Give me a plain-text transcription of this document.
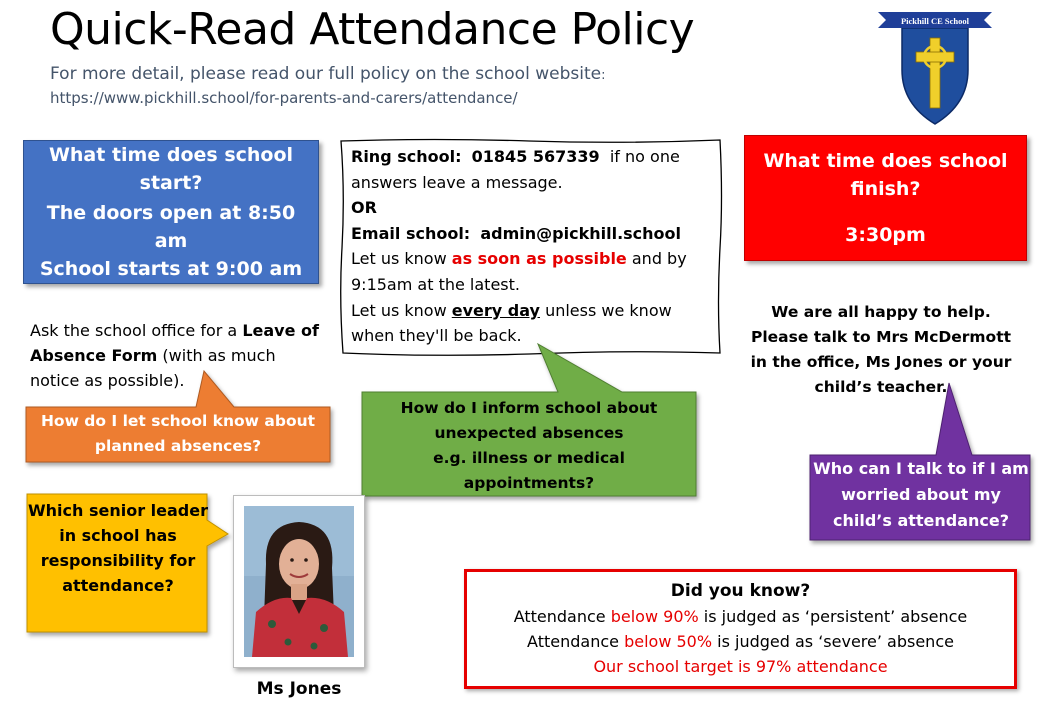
Quick-Read Attendance Policy
For more detail, please read our full policy on the school website:
https://www.pickhill.school/for-parents-and-carers/attendance/
Pickhill CE School
What time does school start?
The doors open at 8:50 am
School starts at 9:00 am
Ring school: 01845 567339 if no one
answers leave a message.
OR
Email school: admin@pickhill.school
Let us know as soon as possible and by
9:15am at the latest.
Let us know every day unless we know
when they'll be back.
What time does school finish?
3:30pm
Ask the school office for a Leave of Absence Form (with as much notice as possible).
We are all happy to help.
Please talk to Mrs McDermott
in the office, Ms Jones or your
child’s teacher.
How do I let school know about planned absences?
How do I inform school about
unexpected absences
e.g. illness or medical
appointments?
Who can I talk to if I am worried about my child’s attendance?
Which senior leader in school has responsibility for attendance?
Ms Jones
Did you know?
Attendance below 90% is judged as ‘persistent’ absence
Attendance below 50% is judged as ‘severe’ absence
Our school target is 97% attendance
